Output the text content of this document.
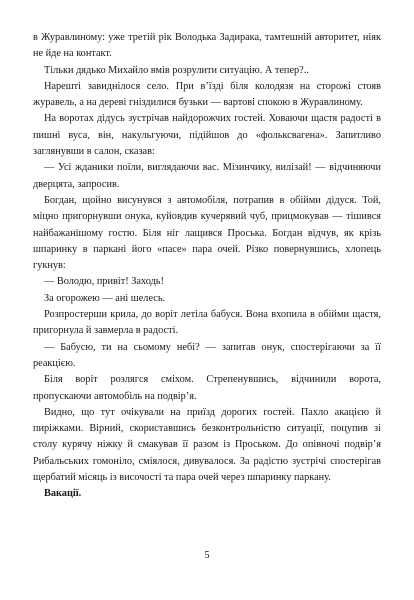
в Журавлиному: уже третій рік Володька Задирака, тамтешній авторитет, ніяк не йде на контакт.

Тільки дядько Михайло вмів розрулити ситуацію. А тепер?..

Нарешті завиднілося село. При в’їзді біля колодязя на сторожі стояв журавель, а на дереві гніздилися бузьки — вартові спокою в Журавлиному.

На воротах дідусь зустрічав найдорожчих гостей. Ховаючи щастя радості в пишні вуса, він, накульгуючи, підійшов до «фольксвагена». Запитливо заглянувши в салон, сказав:

— Усі жданики поїли, виглядаючи вас. Мізинчику, вилізай! — відчиняючи дверцята, запросив.

Богдан, щойно висунувся з автомобіля, потрапив в обійми дідуся. Той, міцно пригорнувши онука, куйовдив кучерявий чуб, прицмокував — тішився найбажанішому гостю. Біля ніг лащився Проська. Богдан відчув, як крізь шпаринку в паркані його «пасе» пара очей. Різко повернувшись, хлопець гукнув:

— Володю, привіт! Заходь!

За огорожею — ані шелесь.

Розпростерши крила, до воріт летіла бабуся. Вона вхопила в обійми щастя, пригорнула й завмерла в радості.

— Бабусю, ти на сьомому небі? — запитав онук, спостерігаючи за її реакцією.

Біля воріт розлягся сміхом. Стрепенувшись, відчинили ворота, пропускаючи автомобіль на подвір’я.

Видно, що тут очікували на приїзд дорогих гостей. Пахло акацією й пиріжками. Вірний, скориставшись безконтрольністю ситуації, поцупив зі столу курячу ніжку й смакував її разом із Проськом. До опівночі подвір’я Рибальських гомоніло, сміялося, дивувалося. За радістю зустрічі спостерігав щербатий місяць із височості та пара очей через шпаринку паркану.

Вакації.

5
